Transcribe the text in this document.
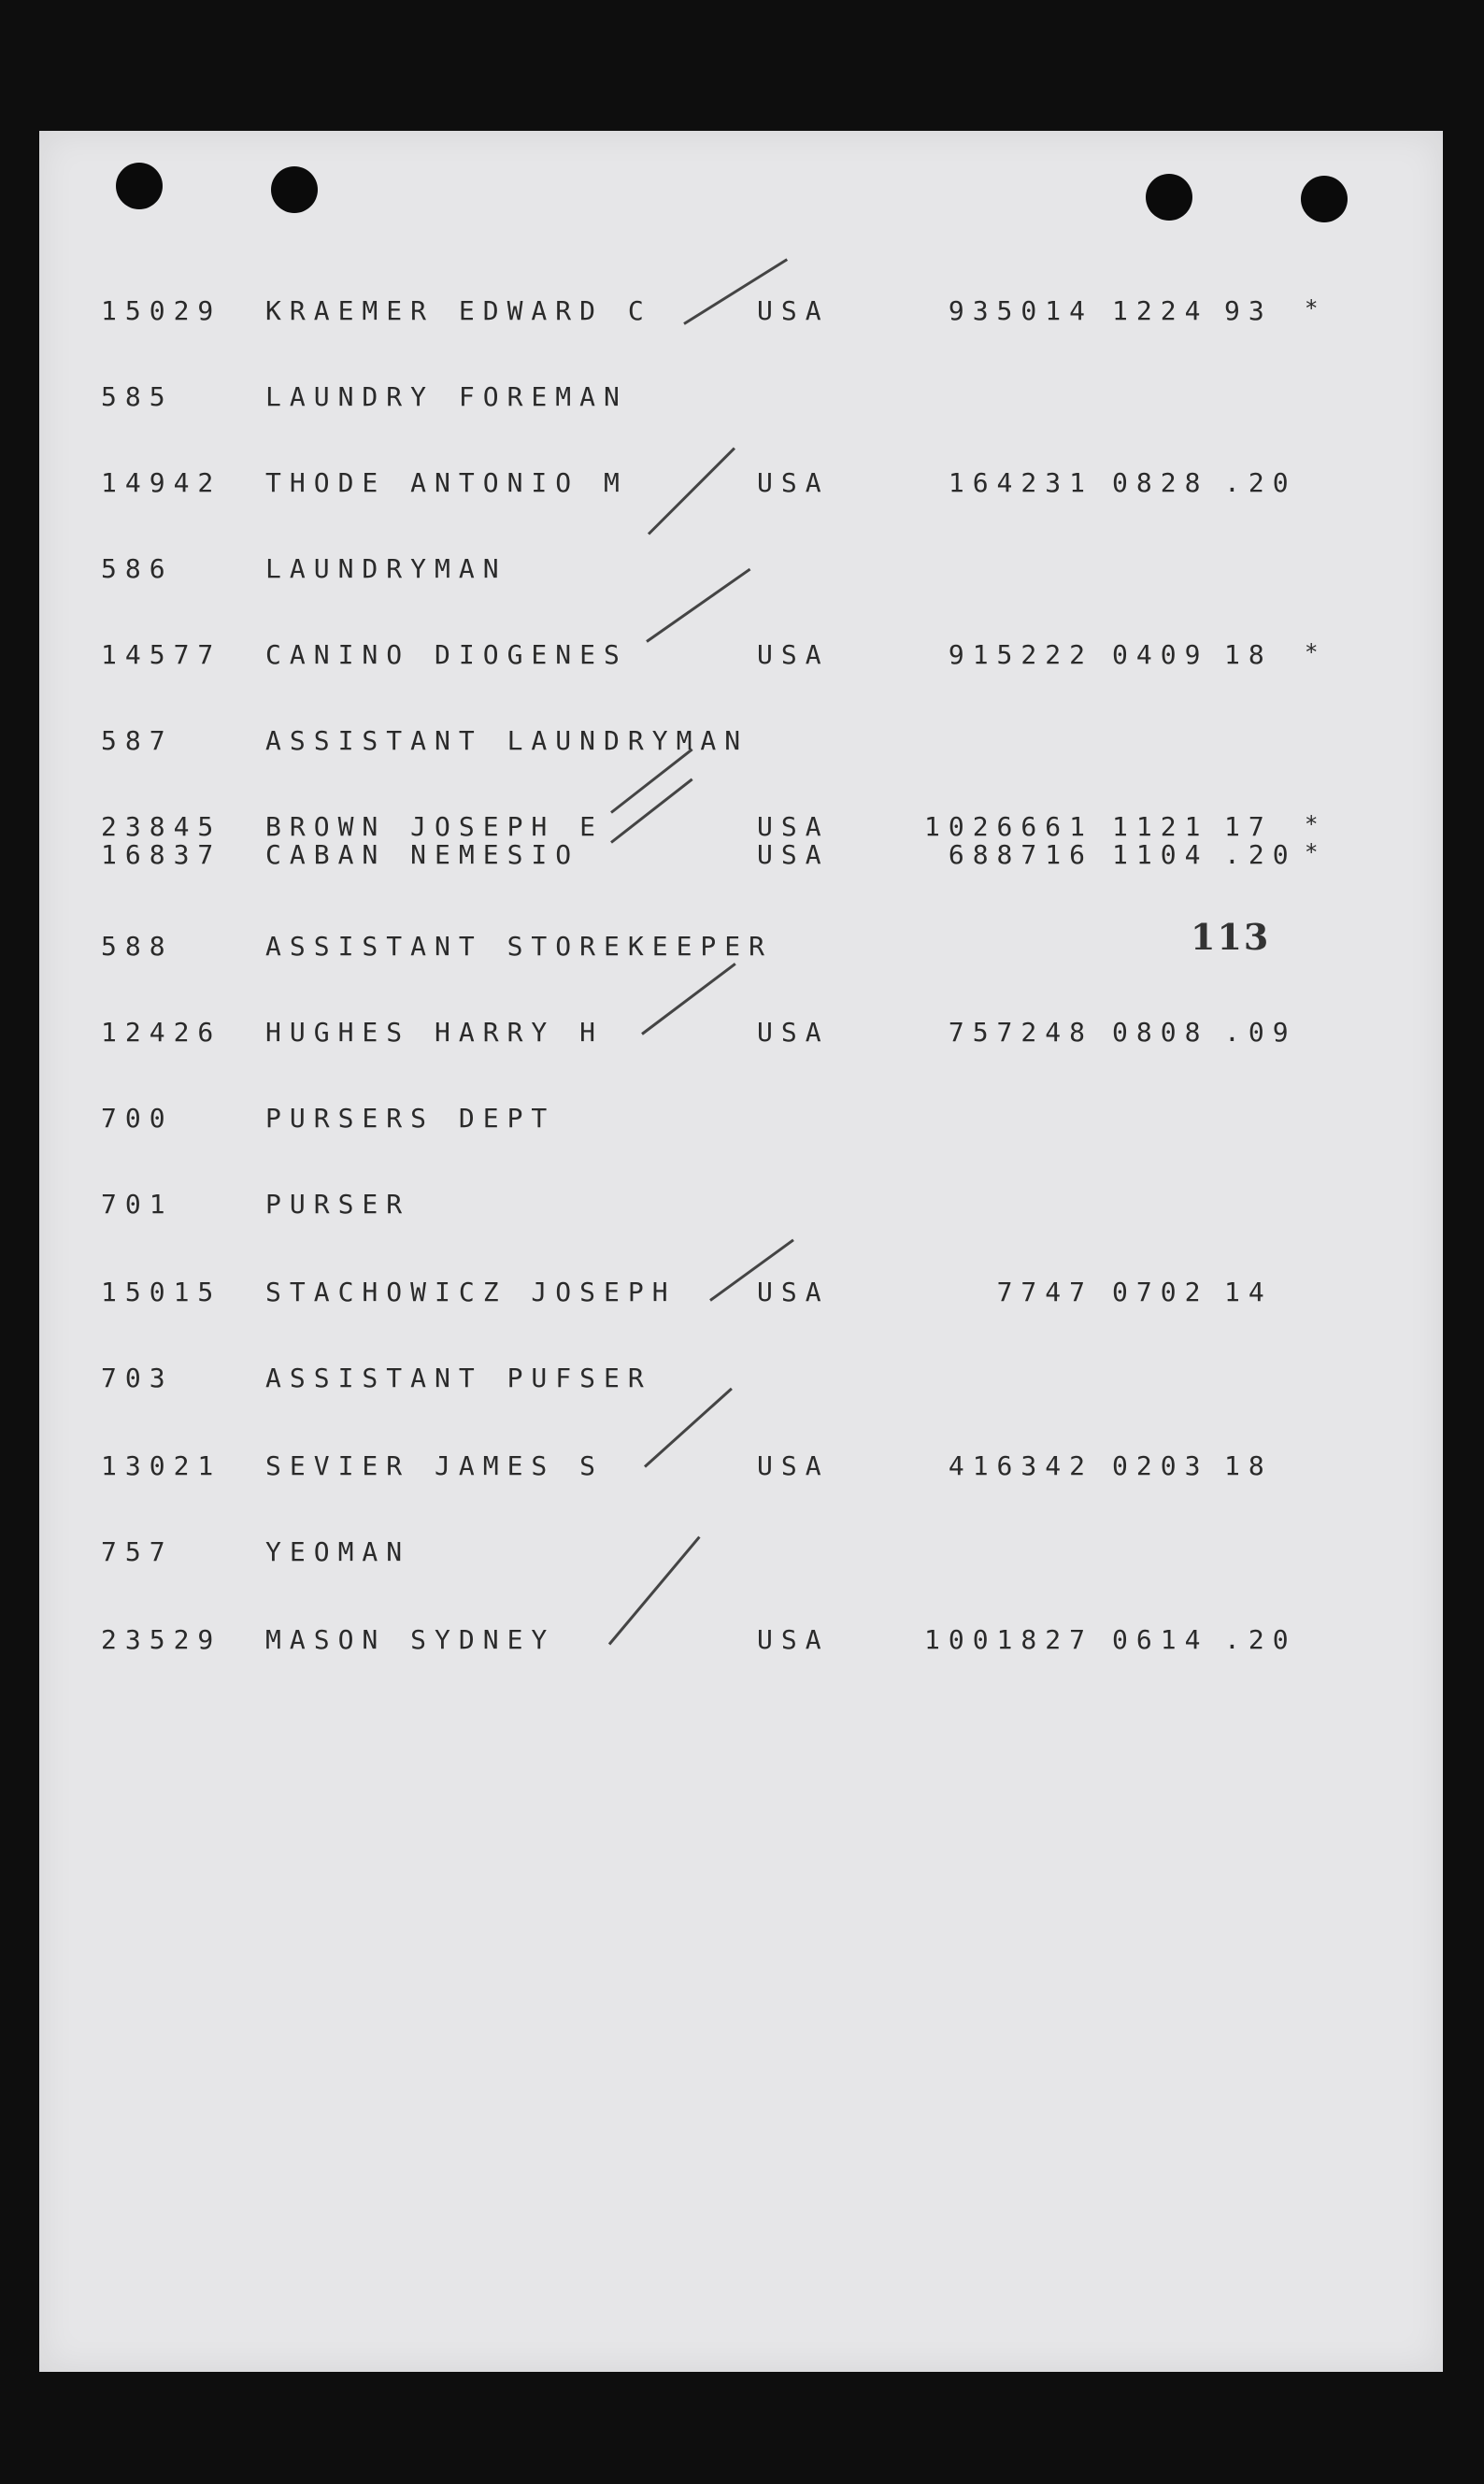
113
15029 KRAEMER EDWARD C	USA	935014 1224 93 *
585	LAUNDRY FOREMAN
14942 THODE ANTONIO M	USA	164231 0828 .20
586	LAUNDRYMAN
14577 CANINO DIOGENES	USA	915222 0409 18 *
587	ASSISTANT LAUNDRYMAN
23845 BROWN JOSEPH E	USA	1026661 1121 17 *
16837 CABAN NEMESIO	USA	688716 1104 .20 *
588	ASSISTANT STOREKEEPER
12426 HUGHES HARRY H	USA	757248 0808 .09
700	PURSERS DEPT
701	PURSER
15015 STACHOWICZ JOSEPH	USA	7747 0702 14
703	ASSISTANT PUFSER
13021 SEVIER JAMES S	USA	416342 0203 18
757	YEOMAN
23529 MASON SYDNEY	USA	1001827 0614 .20
